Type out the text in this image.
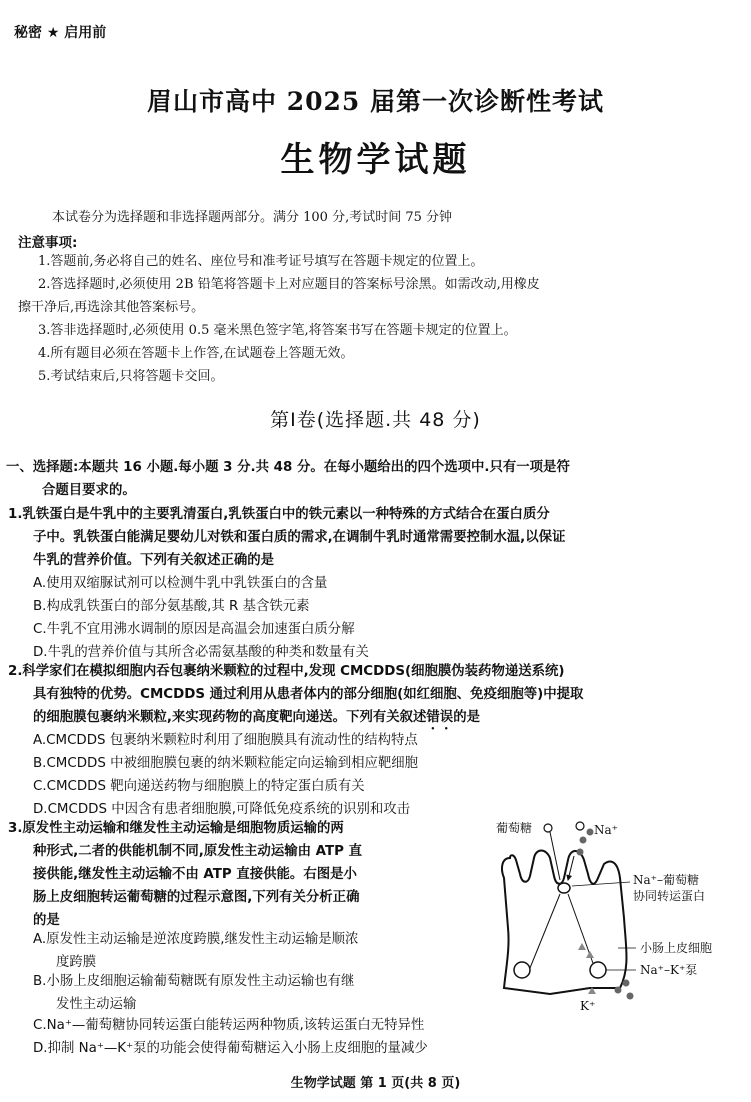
秘密 ★ 启用前
眉山市高中 2025 届第一次诊断性考试
生物学试题
本试卷分为选择题和非选择题两部分。满分 100 分,考试时间 75 分钟
注意事项:
1.答题前,务必将自己的姓名、座位号和准考证号填写在答题卡规定的位置上。
2.答选择题时,必须使用 2B 铅笔将答题卡上对应题目的答案标号涂黑。如需改动,用橡皮
擦干净后,再选涂其他答案标号。
3.答非选择题时,必须使用 0.5 毫米黑色签字笔,将答案书写在答题卡规定的位置上。
4.所有题目必须在答题卡上作答,在试题卷上答题无效。
5.考试结束后,只将答题卡交回。
第Ⅰ卷(选择题.共 48 分)
一、选择题:本题共 16 小题.每小题 3 分.共 48 分。在每小题给出的四个选项中.只有一项是符
合题目要求的。
1.乳铁蛋白是牛乳中的主要乳清蛋白,乳铁蛋白中的铁元素以一种特殊的方式结合在蛋白质分
子中。乳铁蛋白能满足婴幼儿对铁和蛋白质的需求,在调制牛乳时通常需要控制水温,以保证
牛乳的营养价值。下列有关叙述正确的是
A.使用双缩脲试剂可以检测牛乳中乳铁蛋白的含量
B.构成乳铁蛋白的部分氨基酸,其 R 基含铁元素
C.牛乳不宜用沸水调制的原因是高温会加速蛋白质分解
D.牛乳的营养价值与其所含必需氨基酸的种类和数量有关
2.科学家们在模拟细胞内吞包裹纳米颗粒的过程中,发现 CMCDDS(细胞膜伪装药物递送系统)
具有独特的优势。CMCDDS 通过利用从患者体内的部分细胞(如红细胞、免疫细胞等)中提取
的细胞膜包裹纳米颗粒,来实现药物的高度靶向递送。下列有关叙述错误的是
A.CMCDDS 包裹纳米颗粒时利用了细胞膜具有流动性的结构特点
B.CMCDDS 中被细胞膜包裹的纳米颗粒能定向运输到相应靶细胞
C.CMCDDS 靶向递送药物与细胞膜上的特定蛋白质有关
D.CMCDDS 中因含有患者细胞膜,可降低免疫系统的识别和攻击
3.原发性主动运输和继发性主动运输是细胞物质运输的两
种形式,二者的供能机制不同,原发性主动运输由 ATP 直
接供能,继发性主动运输不由 ATP 直接供能。右图是小
肠上皮细胞转运葡萄糖的过程示意图,下列有关分析正确
的是
A.原发性主动运输是逆浓度跨膜,继发性主动运输是顺浓
度跨膜
B.小肠上皮细胞运输葡萄糖既有原发性主动运输也有继
发性主动运输
C.Na⁺—葡萄糖协同转运蛋白能转运两种物质,该转运蛋白无特异性
D.抑制 Na⁺—K⁺泵的功能会使得葡萄糖运入小肠上皮细胞的量减少
葡萄糖	Na⁺
Na⁺–葡萄糖
协同转运蛋白
小肠上皮细胞
Na⁺–K⁺泵
K⁺
生物学试题 第 1 页(共 8 页)
